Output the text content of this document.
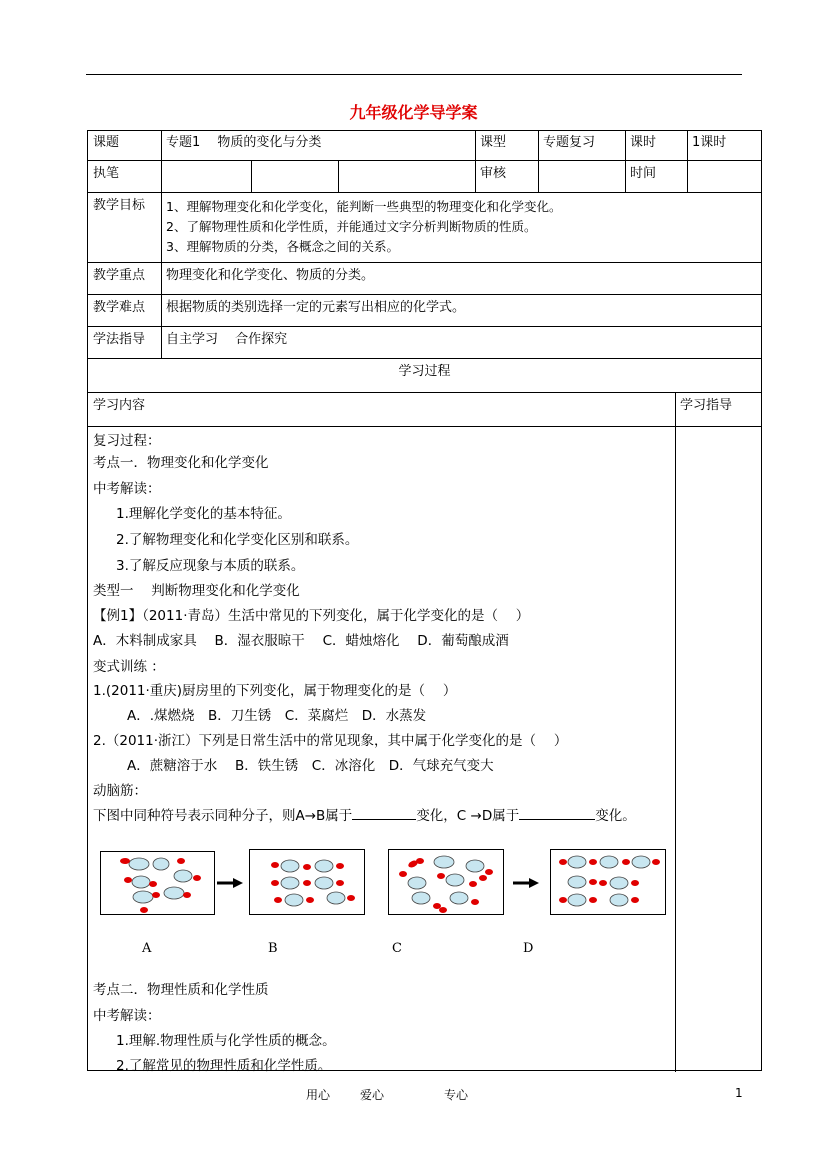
九年级化学导学案
课题	专题1　 物质的变化与分类	课型	专题复习	课时	1课时
执笔	审核	时间
教学目标	1、理解物理变化和化学变化，能判断一些典型的物理变化和化学变化。
2、了解物理性质和化学性质，并能通过文字分析判断物质的性质。
3、理解物质的分类，各概念之间的关系。
教学重点	物理变化和化学变化、物质的分类。
教学难点	根据物质的类别选择一定的元素写出相应的化学式。
学法指导	自主学习　 合作探究
学习过程
学习内容	学习指导
复习过程：
考点一．物理变化和化学变化
中考解读：
1.理解化学变化的基本特征。
2.了解物理变化和化学变化区别和联系。
3.了解反应现象与本质的联系。
类型一　 判断物理变化和化学变化
【例1】（2011·青岛）生活中常见的下列变化，属于化学变化的是（　 ）
A．木料制成家具　 B．湿衣服晾干　 C．蜡烛熔化　 D．葡萄酿成酒
变式训练 ：
1.(2011·重庆)厨房里的下列变化，属于物理变化的是（　 ）
A．.煤燃烧　B．刀生锈　C．菜腐烂　D．水蒸发
2.（2011·浙江）下列是日常生活中的常见现象，其中属于化学变化的是（　 ）
A．蔗糖溶于水　 B．铁生锈　C．冰溶化　D．气球充气变大
动脑筋：
下图中同种符号表示同种分子，则A→B属于	变化，C →D属于	变化。
A	B	C	D
考点二．物理性质和化学性质
中考解读：
1.理解.物理性质与化学性质的概念。
2.了解常见的物理性质和化学性质。
用心 爱心	专心	1
